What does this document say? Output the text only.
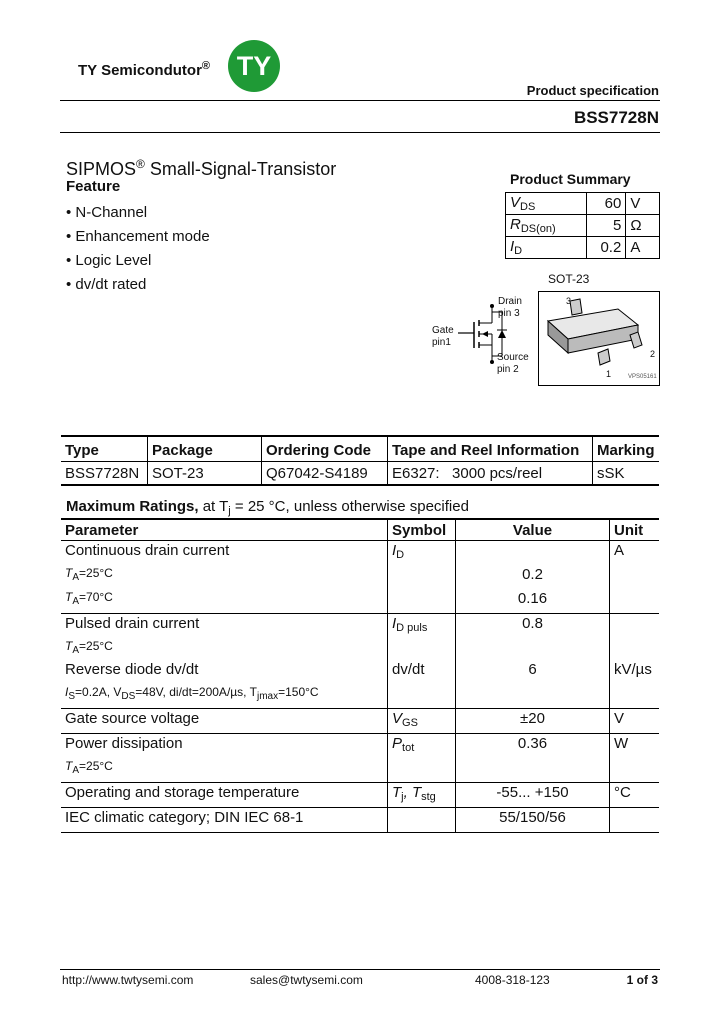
TY Semicondutor® TY
Product specification
BSS7728N
SIPMOS® Small-Signal-Transistor
Feature
• N-Channel
• Enhancement mode
• Logic Level
• dv/dt rated
Product Summary
$V_{DS}$	60	V
$R_{DS(on)}$	5	Ω
$I_D$	0.2	A
Drain
pin 3
Gate
pin1
Source
pin 2
SOT-23
3
2
1	VPS05161
Type	Package	Ordering Code	Tape and Reel Information	Marking
BSS7728N	SOT-23	Q67042-S4189	E6327:   3000 pcs/reel	sSK
Maximum Ratings, at $T_j = 25$ °C, unless otherwise specified
Parameter	Symbol	Value	Unit
Continuous drain current	$I_D$		A
$T_A=25^\circ C$		0.2	
$T_A=70^\circ C$		0.16	
Pulsed drain current	$I_{D puls}$	0.8	
$T_A=25^\circ C$			
Reverse diode dv/dt	dv/dt	6	kV/µs
$I_S=0.2A$, $V_{DS}=48V$, di/dt=200A/µs, $T_{jmax}=150^\circ C$			
Gate source voltage	$V_{GS}$	±20	V
Power dissipation	$P_{tot}$	0.36	W
$T_A=25^\circ C$			
Operating and storage temperature	$T_j$, $T_{stg}$	-55... +150	°C
IEC climatic category; DIN IEC 68-1		55/150/56	
http://www.twtysemi.com	sales@twtysemi.com	4008-318-123	1 of 3
